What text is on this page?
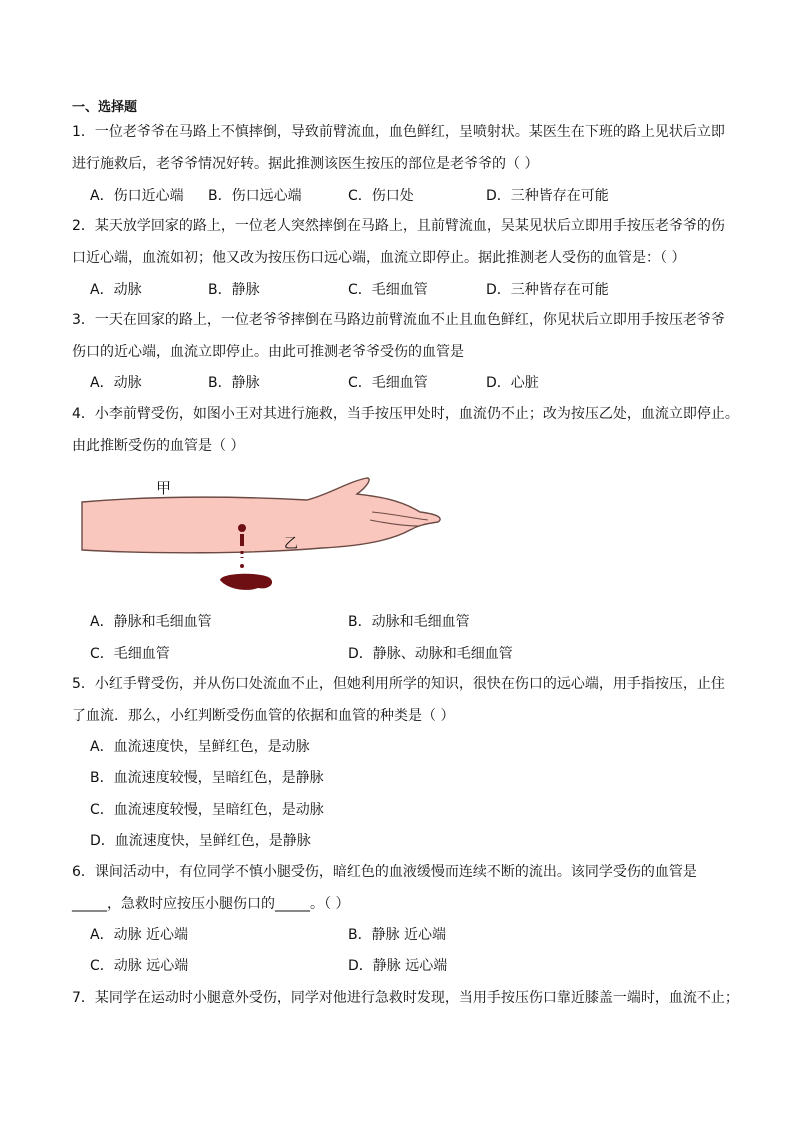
一、选择题
1．一位老爷爷在马路上不慎摔倒，导致前臂流血，血色鲜红，呈喷射状。某医生在下班的路上见状后立即
进行施救后，老爷爷情况好转。据此推测该医生按压的部位是老爷爷的（ ）
A．伤口近心端 B．伤口远心端	C．伤口处	D．三种皆存在可能
2．某天放学回家的路上，一位老人突然摔倒在马路上，且前臂流血，吴某见状后立即用手按压老爷爷的伤
口近心端，血流如初；他又改为按压伤口远心端，血流立即停止。据此推测老人受伤的血管是：（ ）
A．动脉	B．静脉	C．毛细血管	D．三种皆存在可能
3．一天在回家的路上，一位老爷爷摔倒在马路边前臂流血不止且血色鲜红，你见状后立即用手按压老爷爷
伤口的近心端，血流立即停止。由此可推测老爷爷受伤的血管是
A．动脉	B．静脉	C．毛细血管	D．心脏
4．小李前臂受伤，如图小王对其进行施救，当手按压甲处时，血流仍不止；改为按压乙处，血流立即停止。
由此推断受伤的血管是（ ）
甲
乙
A．静脉和毛细血管	B．动脉和毛细血管
C．毛细血管	D．静脉、动脉和毛细血管
5．小红手臂受伤，并从伤口处流血不止，但她利用所学的知识，很快在伤口的远心端，用手指按压，止住
了血流．那么，小红判断受伤血管的依据和血管的种类是（ ）
A．血流速度快，呈鲜红色，是动脉
B．血流速度较慢，呈暗红色，是静脉
C．血流速度较慢，呈暗红色，是动脉
D．血流速度快，呈鲜红色，是静脉
6．课间活动中，有位同学不慎小腿受伤，暗红色的血液缓慢而连续不断的流出。该同学受伤的血管是
_____，急救时应按压小腿伤口的_____。（ ）
A．动脉 近心端	B．静脉 近心端
C．动脉 远心端	D．静脉 远心端
7．某同学在运动时小腿意外受伤，同学对他进行急救时发现，当用手按压伤口靠近膝盖一端时，血流不止；
